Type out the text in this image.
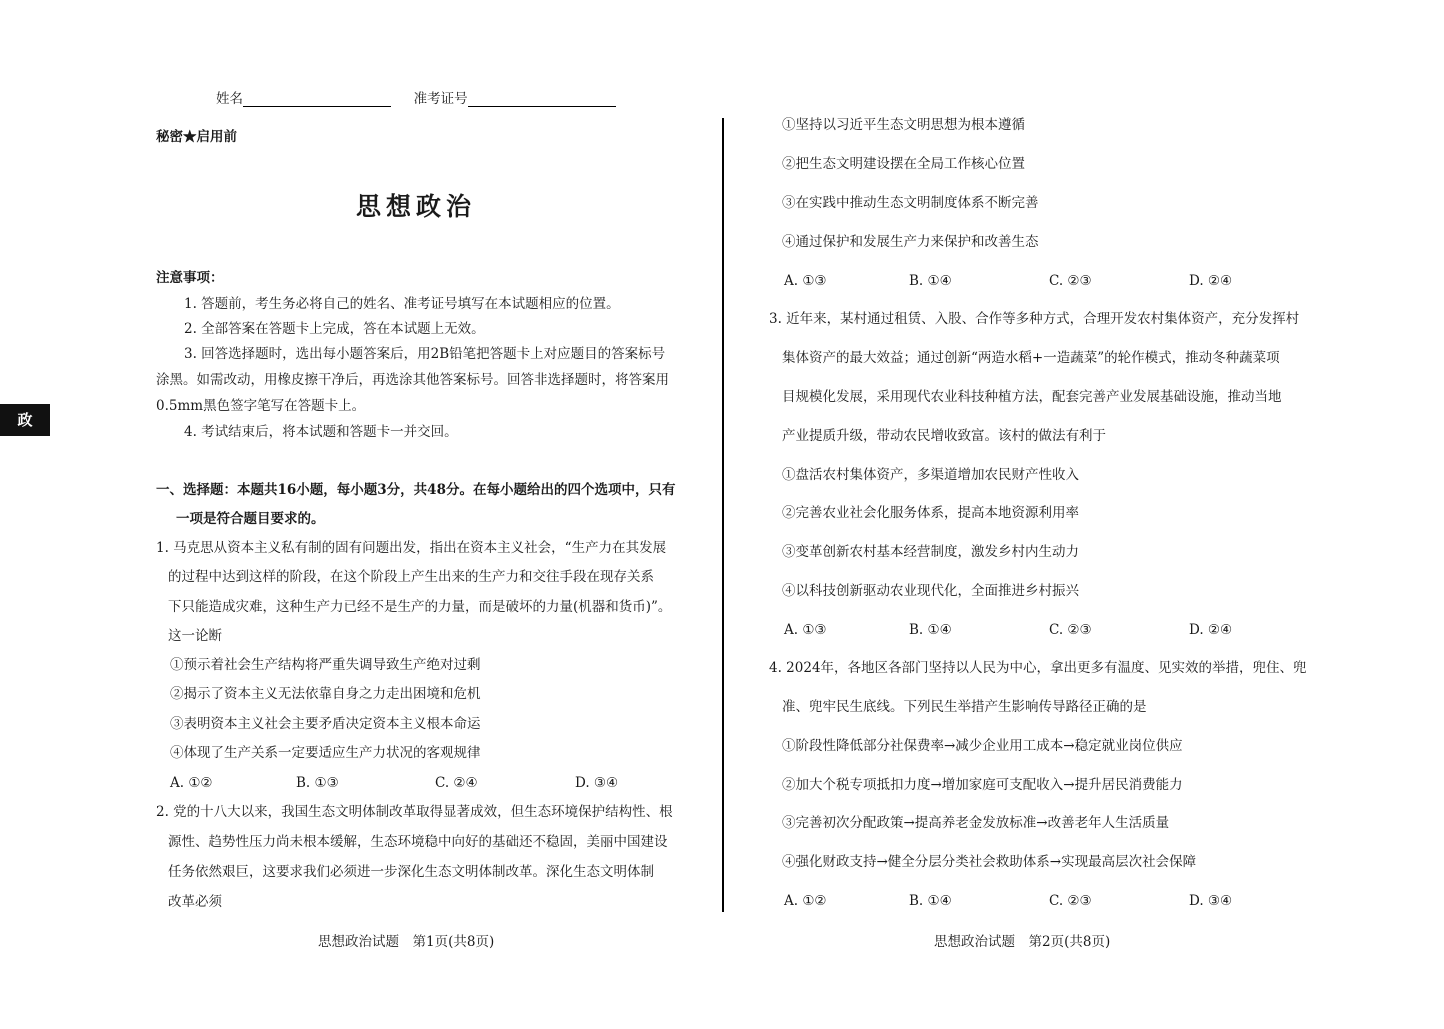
政
姓名	准考证号
秘密★启用前
思想政治
注意事项：
1. 答题前，考生务必将自己的姓名、准考证号填写在本试题相应的位置。
2. 全部答案在答题卡上完成，答在本试题上无效。
3. 回答选择题时，选出每小题答案后，用2B铅笔把答题卡上对应题目的答案标号
涂黑。如需改动，用橡皮擦干净后，再选涂其他答案标号。回答非选择题时，将答案用
0.5mm黑色签字笔写在答题卡上。
4. 考试结束后，将本试题和答题卡一并交回。
一、选择题：本题共16小题，每小题3分，共48分。在每小题给出的四个选项中，只有
一项是符合题目要求的。
1. 马克思从资本主义私有制的固有问题出发，指出在资本主义社会，“生产力在其发展
的过程中达到这样的阶段，在这个阶段上产生出来的生产力和交往手段在现存关系
下只能造成灾难，这种生产力已经不是生产的力量，而是破坏的力量(机器和货币)”。
这一论断
①预示着社会生产结构将严重失调导致生产绝对过剩
②揭示了资本主义无法依靠自身之力走出困境和危机
③表明资本主义社会主要矛盾决定资本主义根本命运
④体现了生产关系一定要适应生产力状况的客观规律
A. ①②	B. ①③	C. ②④	D. ③④
2. 党的十八大以来，我国生态文明体制改革取得显著成效，但生态环境保护结构性、根
源性、趋势性压力尚未根本缓解，生态环境稳中向好的基础还不稳固，美丽中国建设
任务依然艰巨，这要求我们必须进一步深化生态文明体制改革。深化生态文明体制
改革必须
①坚持以习近平生态文明思想为根本遵循
②把生态文明建设摆在全局工作核心位置
③在实践中推动生态文明制度体系不断完善
④通过保护和发展生产力来保护和改善生态
A. ①③	B. ①④	C. ②③	D. ②④
3. 近年来，某村通过租赁、入股、合作等多种方式，合理开发农村集体资产，充分发挥村
集体资产的最大效益；通过创新“两造水稻+一造蔬菜”的轮作模式，推动冬种蔬菜项
目规模化发展，采用现代农业科技种植方法，配套完善产业发展基础设施，推动当地
产业提质升级，带动农民增收致富。该村的做法有利于
①盘活农村集体资产，多渠道增加农民财产性收入
②完善农业社会化服务体系，提高本地资源利用率
③变革创新农村基本经营制度，激发乡村内生动力
④以科技创新驱动农业现代化，全面推进乡村振兴
A. ①③	B. ①④	C. ②③	D. ②④
4. 2024年，各地区各部门坚持以人民为中心，拿出更多有温度、见实效的举措，兜住、兜
准、兜牢民生底线。下列民生举措产生影响传导路径正确的是
①阶段性降低部分社保费率→减少企业用工成本→稳定就业岗位供应
②加大个税专项抵扣力度→增加家庭可支配收入→提升居民消费能力
③完善初次分配政策→提高养老金发放标准→改善老年人生活质量
④强化财政支持→健全分层分类社会救助体系→实现最高层次社会保障
A. ①②	B. ①④	C. ②③	D. ③④
思想政治试题　第1页(共8页)	思想政治试题　第2页(共8页)
